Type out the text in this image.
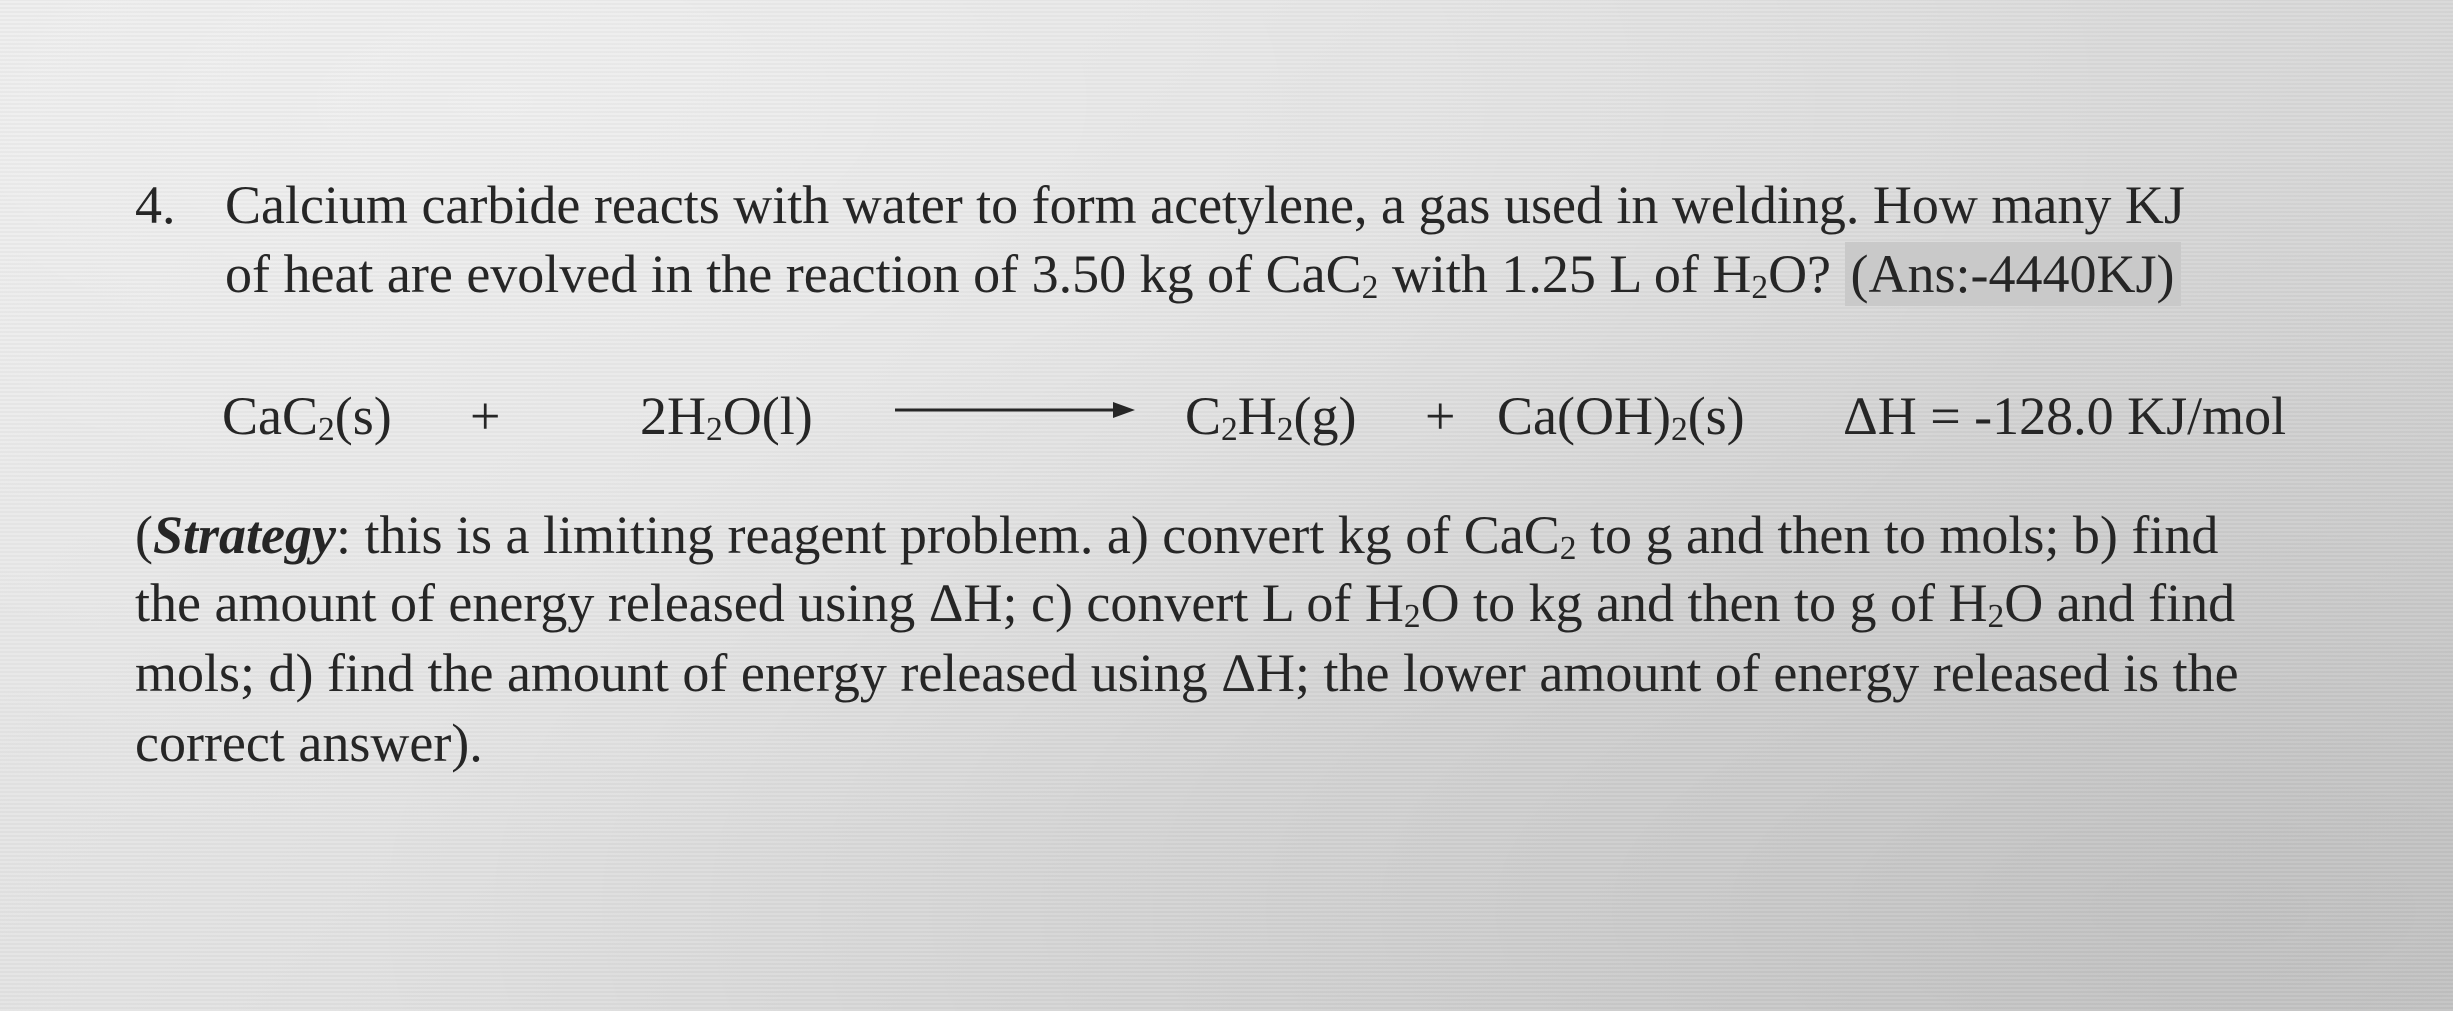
4. Calcium carbide reacts with water to form acetylene, a gas used in welding. How many KJ
of heat are evolved in the reaction of 3.50 kg of CaC$_2$ with 1.25 L of $H_2O$? (Ans:-4440KJ)
CaC$_2$(s) +	$2H_2O(l)$	$C_2H_2(g) + Ca(OH)_2(s) \Delta H = -128.0$ KJ/mol
(Strategy: this is a limiting reagent problem. a) convert kg of CaC$_2$ to g and then to mols; b) find
the amount of energy released using ΔH; c) convert L of $H_2O$ to kg and then to g of $H_2O$ and find
mols; d) find the amount of energy released using ΔH; the lower amount of energy released is the
correct answer).
